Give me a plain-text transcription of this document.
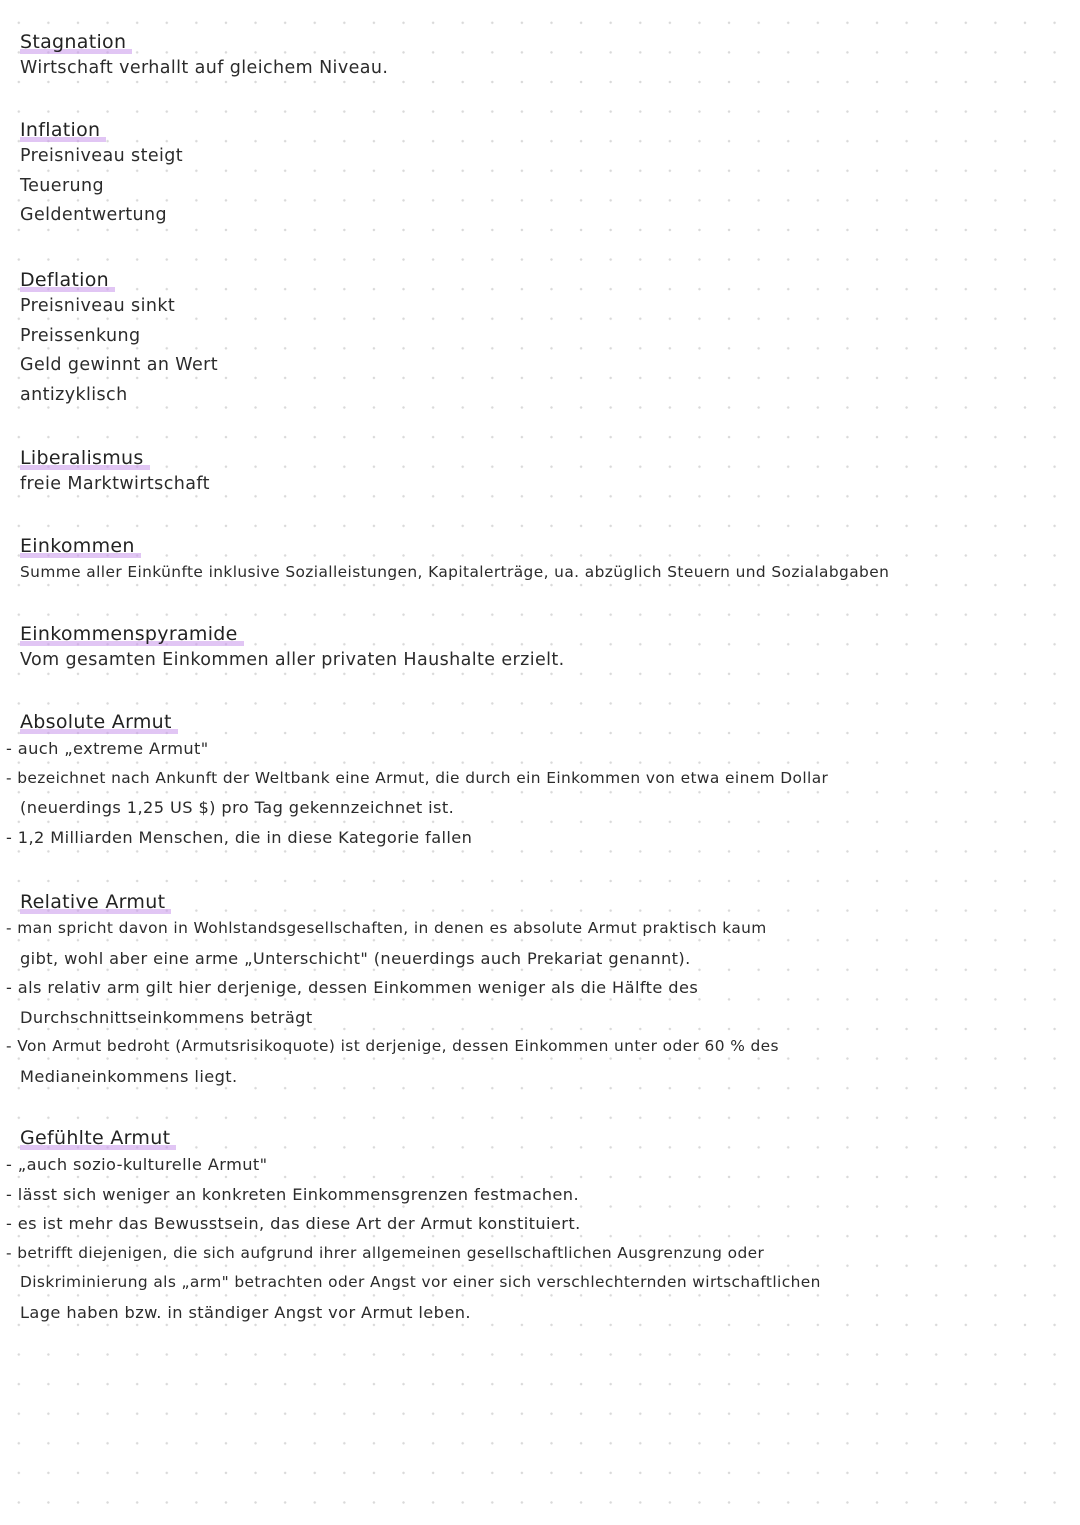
Stagnation
Wirtschaft verhallt auf gleichem Niveau.
Inflation
Preisniveau steigt
Teuerung
Geldentwertung
Deflation
Preisniveau sinkt
Preissenkung
Geld gewinnt an Wert
antizyklisch
Liberalismus
freie Marktwirtschaft
Einkommen
Summe aller Einkünfte inklusive Sozialleistungen, Kapitalerträge, ua. abzüglich Steuern und Sozialabgaben
Einkommenspyramide
Vom gesamten Einkommen aller privaten Haushalte erzielt.
Absolute Armut
- auch „extreme Armut"
- bezeichnet nach Ankunft der Weltbank eine Armut, die durch ein Einkommen von etwa einem Dollar
(neuerdings 1,25 US $) pro Tag gekennzeichnet ist.
- 1,2 Milliarden Menschen, die in diese Kategorie fallen
Relative Armut
- man spricht davon in Wohlstandsgesellschaften, in denen es absolute Armut praktisch kaum
gibt, wohl aber eine arme „Unterschicht" (neuerdings auch Prekariat genannt).
- als relativ arm gilt hier derjenige, dessen Einkommen weniger als die Hälfte des
Durchschnittseinkommens beträgt
- Von Armut bedroht (Armutsrisikoquote) ist derjenige, dessen Einkommen unter oder 60 % des
Medianeinkommens liegt.
Gefühlte Armut
- „auch sozio-kulturelle Armut"
- lässt sich weniger an konkreten Einkommensgrenzen festmachen.
- es ist mehr das Bewusstsein, das diese Art der Armut konstituiert.
- betrifft diejenigen, die sich aufgrund ihrer allgemeinen gesellschaftlichen Ausgrenzung oder
Diskriminierung als „arm" betrachten oder Angst vor einer sich verschlechternden wirtschaftlichen
Lage haben bzw. in ständiger Angst vor Armut leben.
